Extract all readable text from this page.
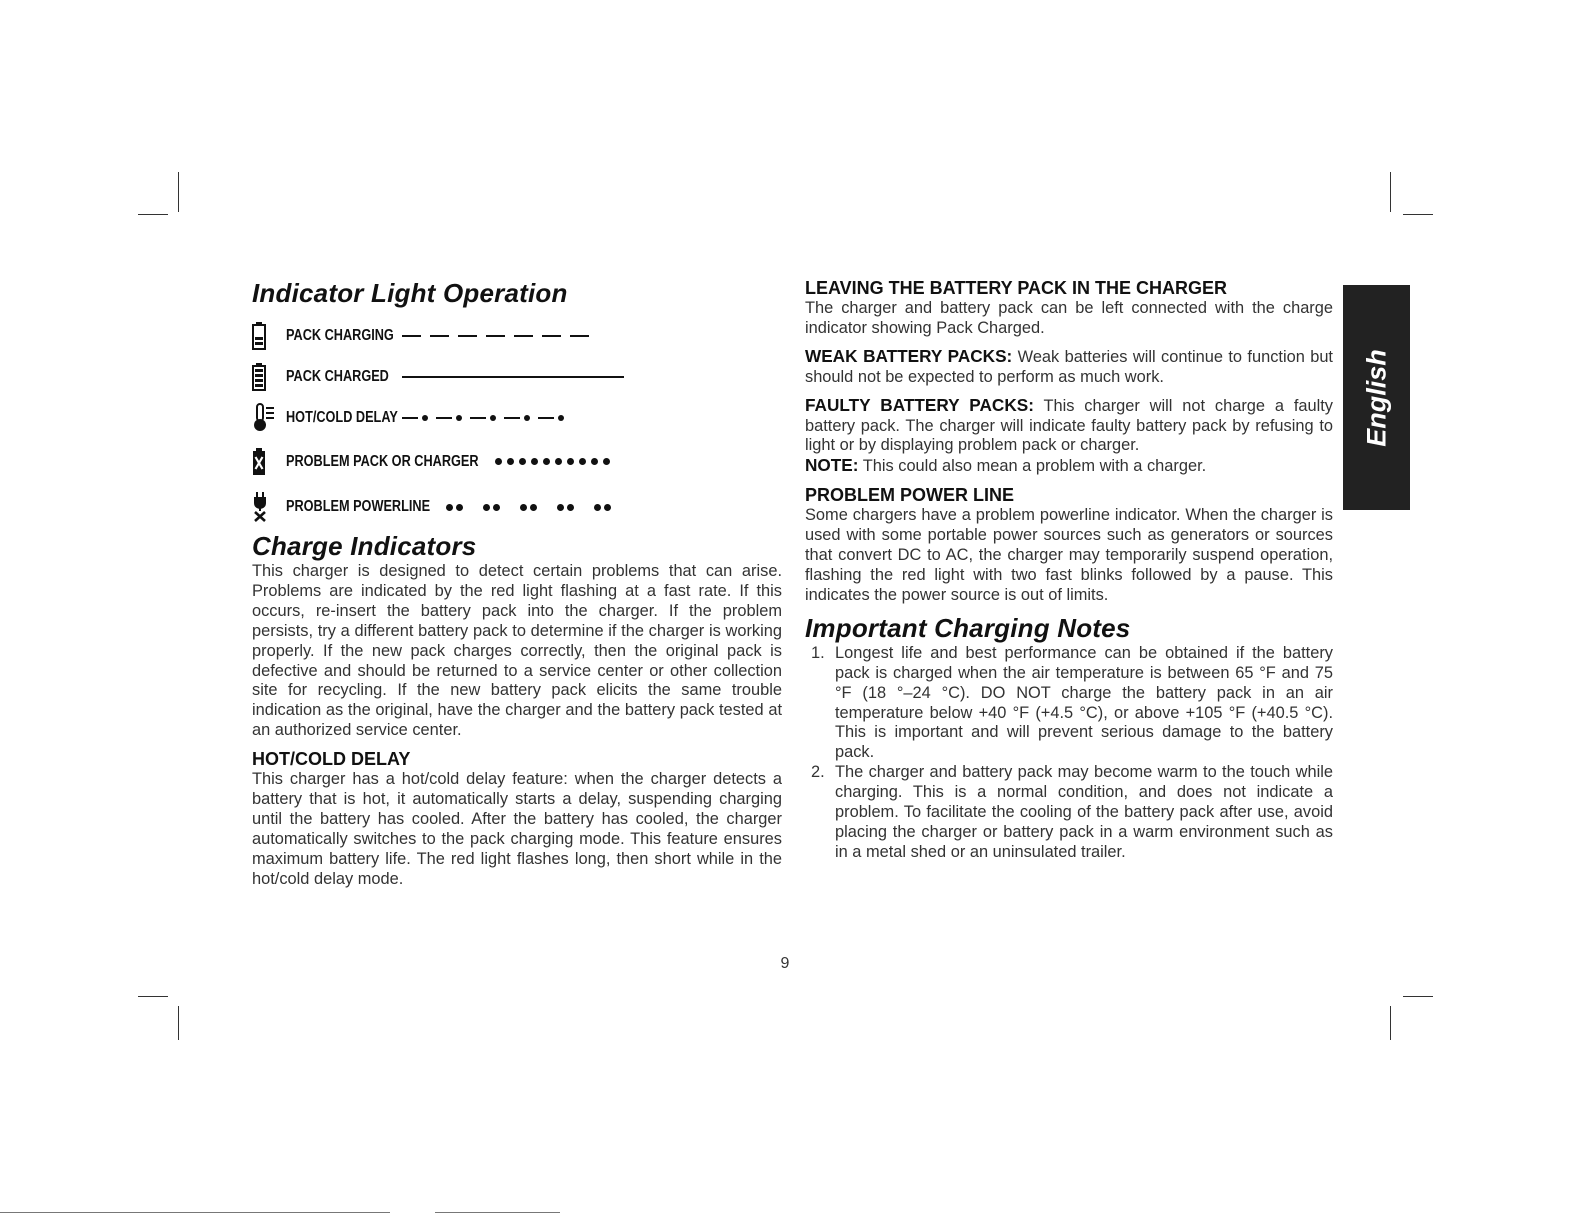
Indicator Light Operation
PACK CHARGING
PACK CHARGED
HOT/COLD DELAY
PROBLEM PACK OR CHARGER
PROBLEM POWERLINE
Charge Indicators

This charger is designed to detect certain problems that can arise. Problems are indicated by the red light flashing at a fast rate. If this occurs, re-insert the battery pack into the charger. If the problem persists, try a different battery pack to determine if the charger is working properly. If the new pack charges correctly, then the original pack is defective and should be returned to a service center or other collection site for recycling. If the new battery pack elicits the same trouble indication as the original, have the charger and the battery pack tested at an authorized service center.

HOT/COLD DELAY

This charger has a hot/cold delay feature: when the charger detects a battery that is hot, it automatically starts a delay, suspending charging until the battery has cooled. After the battery has cooled, the charger automatically switches to the pack charging mode. This feature ensures maximum battery life. The red light flashes long, then short while in the hot/cold delay mode.

LEAVING THE BATTERY PACK IN THE CHARGER

The charger and battery pack can be left connected with the charge indicator showing Pack Charged.

WEAK BATTERY PACKS: Weak batteries will continue to function but should not be expected to perform as much work.

FAULTY BATTERY PACKS: This charger will not charge a faulty battery pack. The charger will indicate faulty battery pack by refusing to light or by displaying problem pack or charger.

NOTE: This could also mean a problem with a charger.

PROBLEM POWER LINE

Some chargers have a problem powerline indicator. When the charger is used with some portable power sources such as generators or sources that convert DC to AC, the charger may temporarily suspend operation, flashing the red light with two fast blinks followed by a pause. This indicates the power source is out of limits.

Important Charging Notes
1. Longest life and best performance can be obtained if the battery pack is charged when the air temperature is between 65 °F and 75 °F (18 °–24 °C). DO NOT charge the battery pack in an air temperature below +40 °F (+4.5 °C), or above +105 °F (+40.5 °C). This is important and will prevent serious damage to the battery pack.
2. The charger and battery pack may become warm to the touch while charging. This is a normal condition, and does not indicate a problem. To facilitate the cooling of the battery pack after use, avoid placing the charger or battery pack in a warm environment such as in a metal shed or an uninsulated trailer.
English
9
